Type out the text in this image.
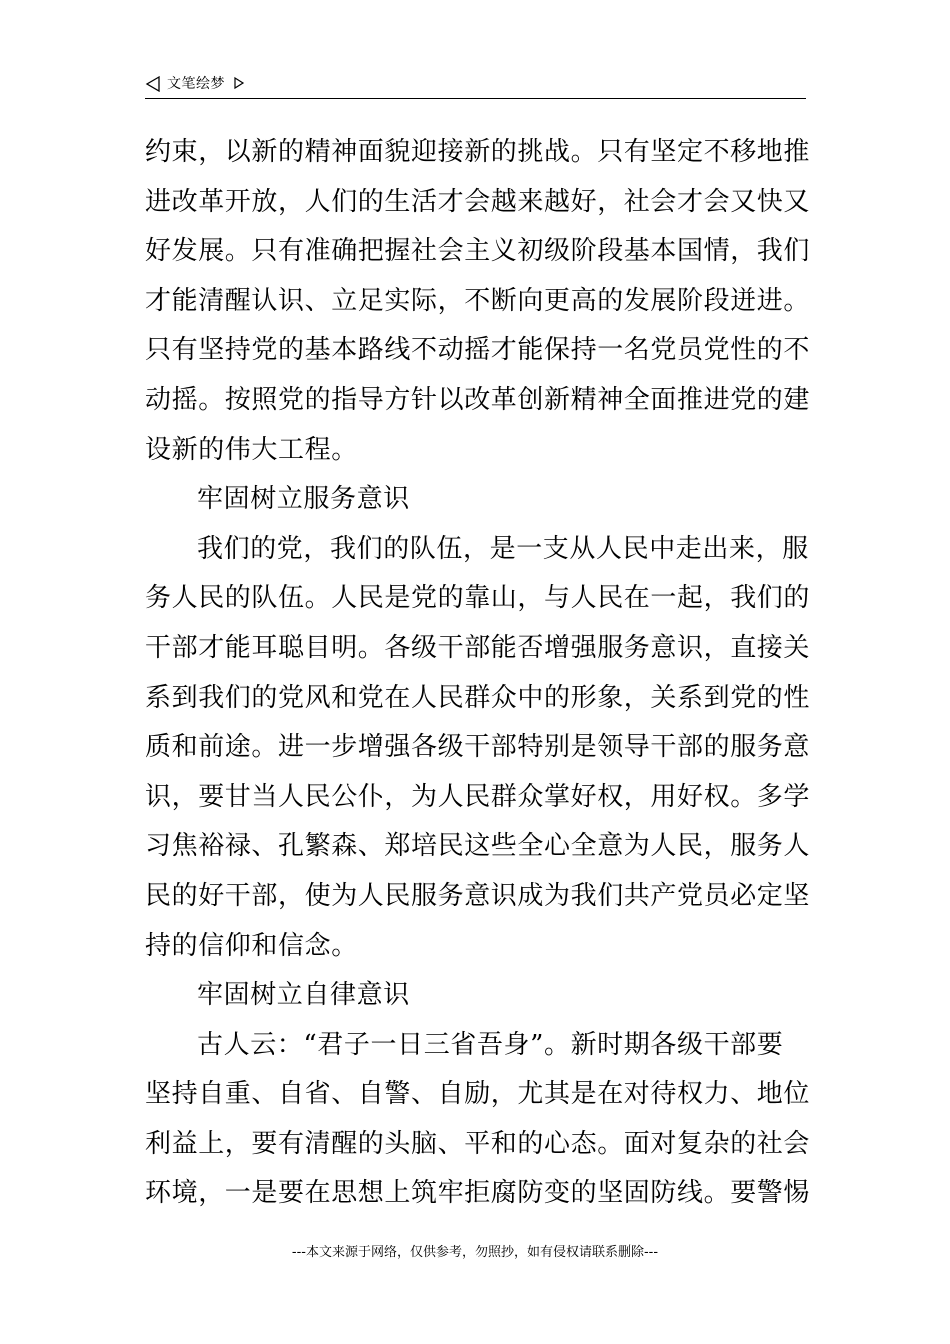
文笔绘梦
约束，以新的精神面貌迎接新的挑战。只有坚定不移地推
进改革开放，人们的生活才会越来越好，社会才会又快又
好发展。只有准确把握社会主义初级阶段基本国情，我们
才能清醒认识、立足实际，不断向更高的发展阶段迸进。
只有坚持党的基本路线不动摇才能保持一名党员党性的不
动摇。按照党的指导方针以改革创新精神全面推进党的建
设新的伟大工程。
牢固树立服务意识
我们的党，我们的队伍，是一支从人民中走出来，服
务人民的队伍。人民是党的靠山，与人民在一起，我们的
干部才能耳聪目明。各级干部能否增强服务意识，直接关
系到我们的党风和党在人民群众中的形象，关系到党的性
质和前途。进一步增强各级干部特别是领导干部的服务意
识，要甘当人民公仆，为人民群众掌好权，用好权。多学
习焦裕禄、孔繁森、郑培民这些全心全意为人民，服务人
民的好干部，使为人民服务意识成为我们共产党员必定坚
持的信仰和信念。
牢固树立自律意识
古人云：“君子一日三省吾身”。新时期各级干部要
坚持自重、自省、自警、自励，尤其是在对待权力、地位
利益上，要有清醒的头脑、平和的心态。面对复杂的社会
环境，一是要在思想上筑牢拒腐防变的坚固防线。要警惕
---本文来源于网络，仅供参考，勿照抄，如有侵权请联系删除---
